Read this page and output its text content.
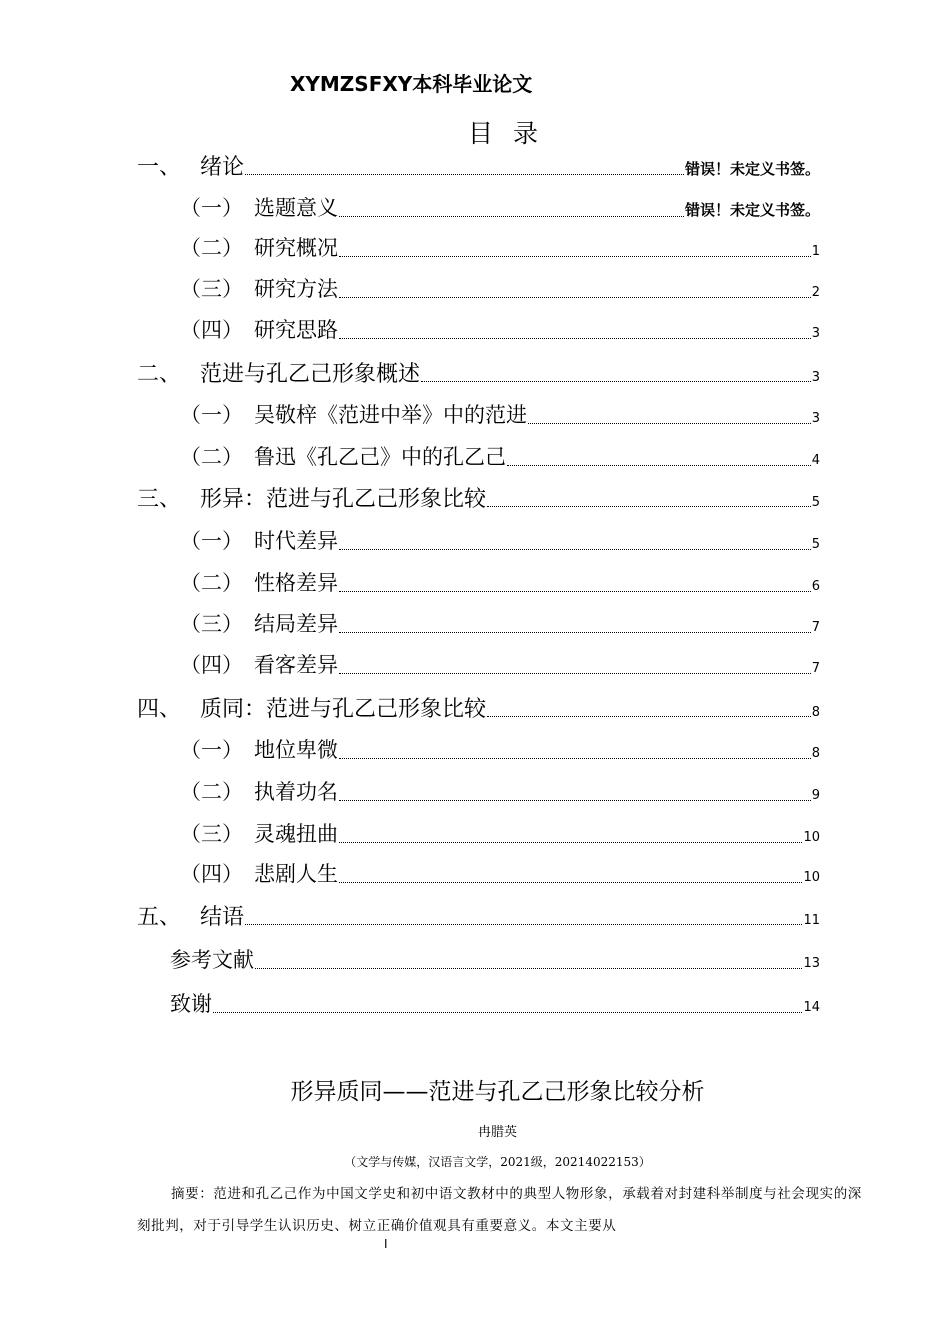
XYMZSFXY本科毕业论文
目 录
一、 绪论	错误！未定义书签。
（一） 选题意义	错误！未定义书签。
（二） 研究概况	1
（三） 研究方法	2
（四） 研究思路	3
二、 范进与孔乙己形象概述	3
（一） 吴敬梓《范进中举》中的范进	3
（二） 鲁迅《孔乙己》中的孔乙己	4
三、 形异：范进与孔乙己形象比较	5
（一） 时代差异	5
（二） 性格差异	6
（三） 结局差异	7
（四） 看客差异	7
四、 质同：范进与孔乙己形象比较	8
（一） 地位卑微	8
（二） 执着功名	9
（三） 灵魂扭曲	10
（四） 悲剧人生	10
五、 结语	11
参考文献	13
致谢	14
形异质同——范进与孔乙己形象比较分析
冉腊英
（文学与传媒，汉语言文学，2021级，20214022153）
摘要：范进和孔乙己作为中国文学史和初中语文教材中的典型人物形象，承载着对封建科举制度与社会现实的深刻批判，对于引导学生认识历史、树立正确价值观具有重要意义。本文主要从
I
